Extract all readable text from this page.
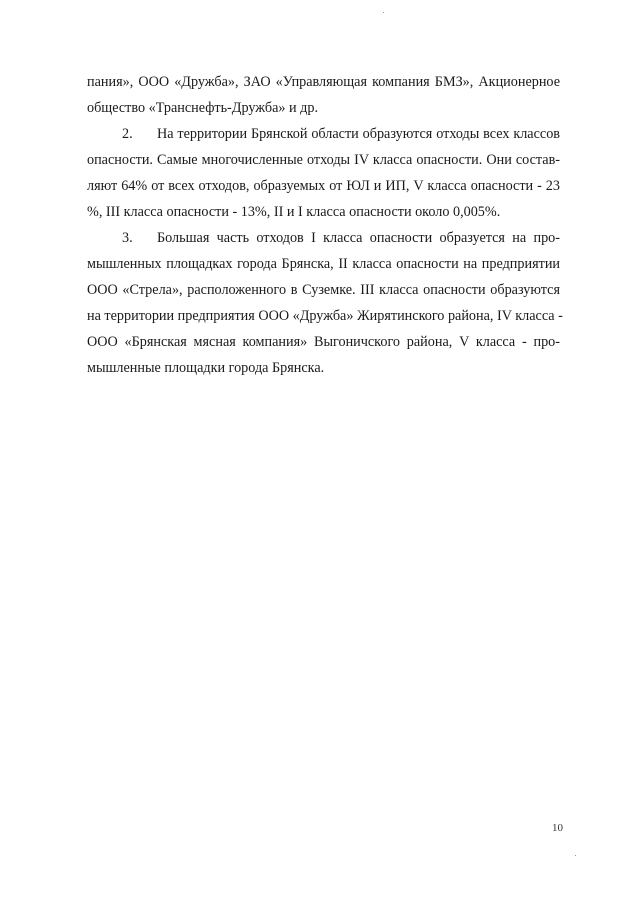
пания», ООО «Дружба», ЗАО «Управляющая компания БМЗ», Акционерное
общество «Транснефть-Дружба» и др.
2. На территории Брянской области образуются отходы всех классов
опасности. Самые многочисленные отходы IV класса опасности. Они состав-
ляют 64% от всех отходов, образуемых от ЮЛ и ИП, V класса опасности - 23
%, III класса опасности - 13%, II и I класса опасности около 0,005%.
3. Большая часть отходов I класса опасности образуется на про-
мышленных площадках города Брянска, II класса опасности на предприятии
ООО «Стрела», расположенного в Суземке. III класса опасности образуются
на территории предприятия ООО «Дружба» Жирятинского района, IV класса -
ООО «Брянская мясная компания» Выгоничского района, V класса - про-
мышленные площадки города Брянска.
10
